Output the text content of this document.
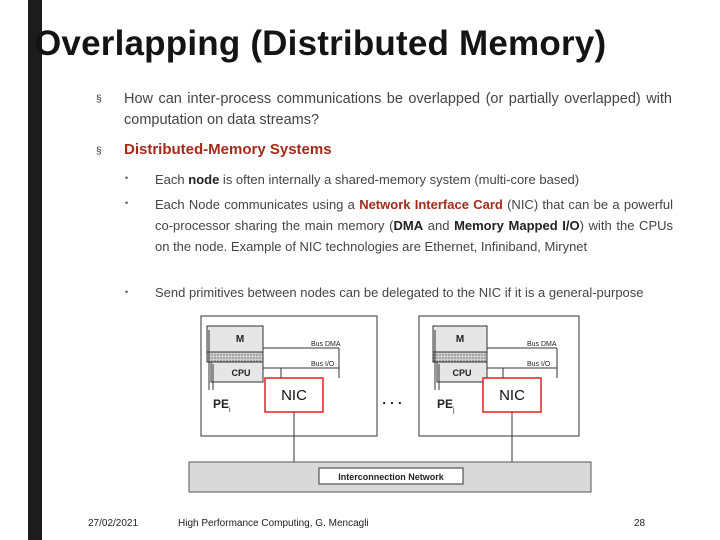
Overlapping (Distributed Memory)
§ How can inter-process communications be overlapped (or partially overlapped) with computation on data streams?
§ Distributed-Memory Systems
• Each node is often internally a shared-memory system (multi-core based)
• Each Node communicates using a Network Interface Card (NIC) that can be a powerful co-processor sharing the main memory (DMA and Memory Mapped I/O) with the CPUs on the node. Example of NIC technologies are Ethernet, Infiniband, Mirynet
• Send primitives between nodes can be delegated to the NIC if it is a general-purpose
M
CPU
Bus DMA
Bus I/O
NIC
PE i
. . .
M
CPU
Bus DMA
Bus I/O
NIC
PE j
Interconnection Network
27/02/2021	High Performance Computing, G. Mencagli	28
